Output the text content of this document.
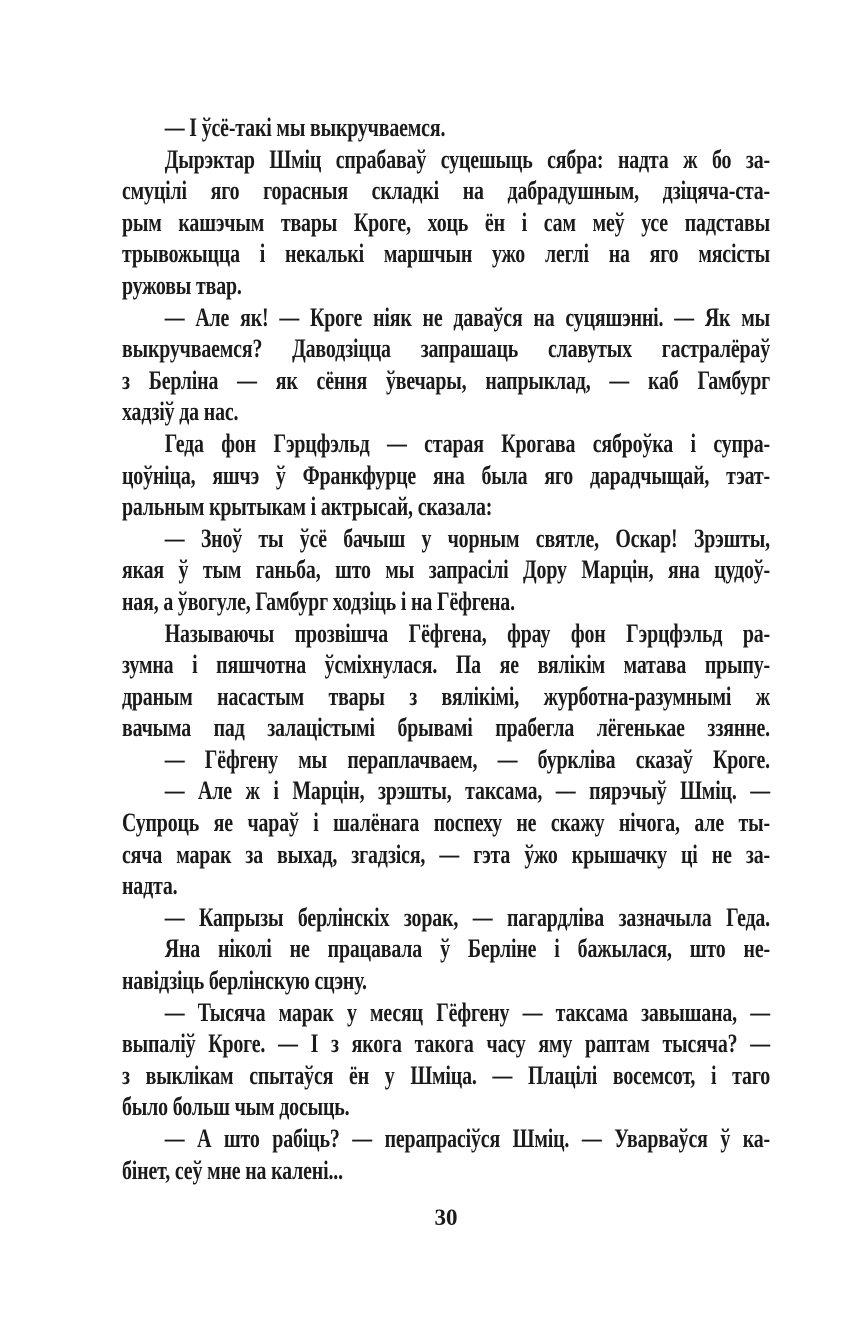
— І ўсё-такі мы выкручваемся.
Дырэктар Шміц спрабаваў суцешыць сябра: надта ж бо за-
смуцілі яго горасныя складкі на дабрадушным, дзіцяча-ста-
рым кашэчым твары Кроге, хоць ён і сам меў усе падставы
трывожыцца і некалькі маршчын ужо леглі на яго мясісты
ружовы твар.
— Але як! — Кроге ніяк не даваўся на суцяшэнні. — Як мы
выкручваемся? Даводзіцца запрашаць славутых гастралёраў
з Берліна — як сёння ўвечары, напрыклад, — каб Гамбург
хадзіў да нас.
Геда фон Гэрцфэльд — старая Крогава сяброўка і супра-
цоўніца, яшчэ ў Франкфурце яна была яго дарадчыщай, тэат-
ральным крытыкам і актрысай, сказала:
— Зноў ты ўсё бачыш у чорным святле, Оскар! Зрэшты,
якая ў тым ганьба, што мы запрасілі Дору Марцін, яна цудоў-
ная, а ўвогуле, Гамбург ходзіць і на Гёфгена.
Называючы прозвішча Гёфгена, фрау фон Гэрцфэльд ра-
зумна і пяшчотна ўсміхнулася. Па яе вялікім матава прыпу-
драным насастым твары з вялікімі, журботна-разумнымі ж
вачыма пад залацістымі брывамі прабегла лёгенькае ззянне.
— Гёфгену мы пераплачваем, — буркліва сказаў Кроге.
— Але ж і Марцін, зрэшты, таксама, — пярэчыў Шміц. —
Супроць яе чараў і шалёнага поспеху не скажу нічога, але ты-
сяча марак за выхад, згадзіся, — гэта ўжо крышачку ці не за-
надта.
— Капрызы берлінскіх зорак, — пагардліва зазначыла Геда.
Яна ніколі не працавала ў Берліне і бажылася, што не-
навідзіць берлінскую сцэну.
— Тысяча марак у месяц Гёфгену — таксама завышана, —
выпаліў Кроге. — І з якога такога часу яму раптам тысяча? —
з выклікам спытаўся ён у Шміца. — Плацілі восемсот, і таго
было больш чым досыць.
— А што рабіць? — перапрасіўся Шміц. — Уварваўся ў ка-
бінет, сеў мне на калені...
30
